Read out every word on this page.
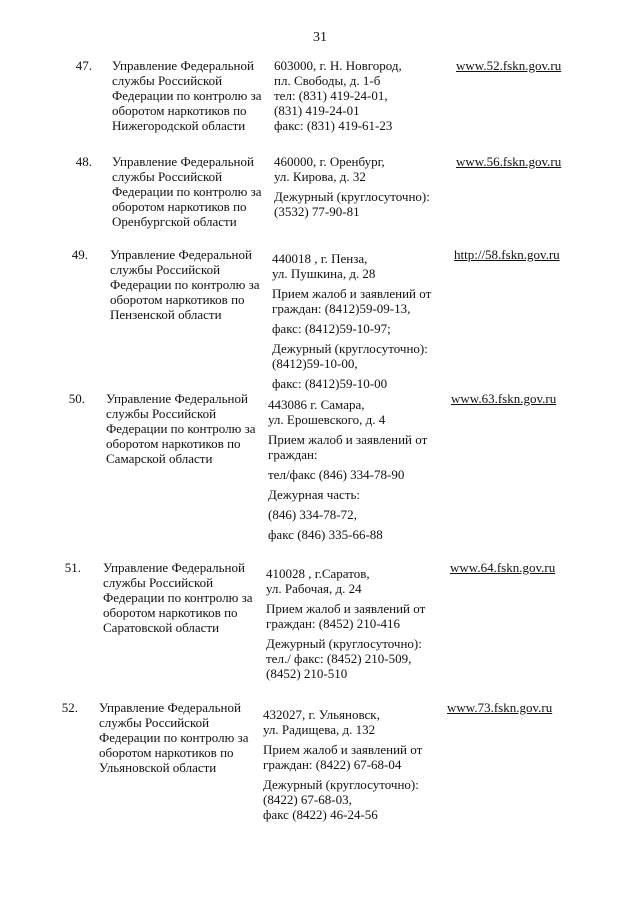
31
47. Управление Федеральной
службы Российской
Федерации по контролю за
оборотом наркотиков по
Нижегородской области
603000, г. Н. Новгород,
пл. Свободы, д. 1-б
тел: (831) 419-24-01,
(831) 419-24-01
факс: (831) 419-61-23
www.52.fskn.gov.ru
48. Управление Федеральной
службы Российской
Федерации по контролю за
оборотом наркотиков по
Оренбургской области
460000, г. Оренбург,
ул. Кирова, д. 32
Дежурный (круглосуточно):
(3532) 77-90-81
www.56.fskn.gov.ru
49. Управление Федеральной
службы Российской
Федерации по контролю за
оборотом наркотиков по
Пензенской области
440018 , г. Пенза,
ул. Пушкина, д. 28
Прием жалоб и заявлений от
граждан: (8412)59-09-13,
факс: (8412)59-10-97;
Дежурный (круглосуточно):
(8412)59-10-00,
факс: (8412)59-10-00
http://58.fskn.gov.ru
50. Управление Федеральной
службы Российской
Федерации по контролю за
оборотом наркотиков по
Самарской области
443086 г. Самара,
ул. Ерошевского, д. 4
Прием жалоб и заявлений от
граждан:
тел/факс (846) 334-78-90
Дежурная часть:
(846) 334-78-72,
факс (846) 335-66-88
www.63.fskn.gov.ru
51. Управление Федеральной
службы Российской
Федерации по контролю за
оборотом наркотиков по
Саратовской области
410028 , г.Саратов,
ул. Рабочая, д. 24
Прием жалоб и заявлений от
граждан: (8452) 210-416
Дежурный (круглосуточно):
тел./ факс: (8452) 210-509,
(8452) 210-510
www.64.fskn.gov.ru
52. Управление Федеральной
службы Российской
Федерации по контролю за
оборотом наркотиков по
Ульяновской области
432027, г. Ульяновск,
ул. Радищева, д. 132
Прием жалоб и заявлений от
граждан: (8422) 67-68-04
Дежурный (круглосуточно):
(8422) 67-68-03,
факс (8422) 46-24-56
www.73.fskn.gov.ru
